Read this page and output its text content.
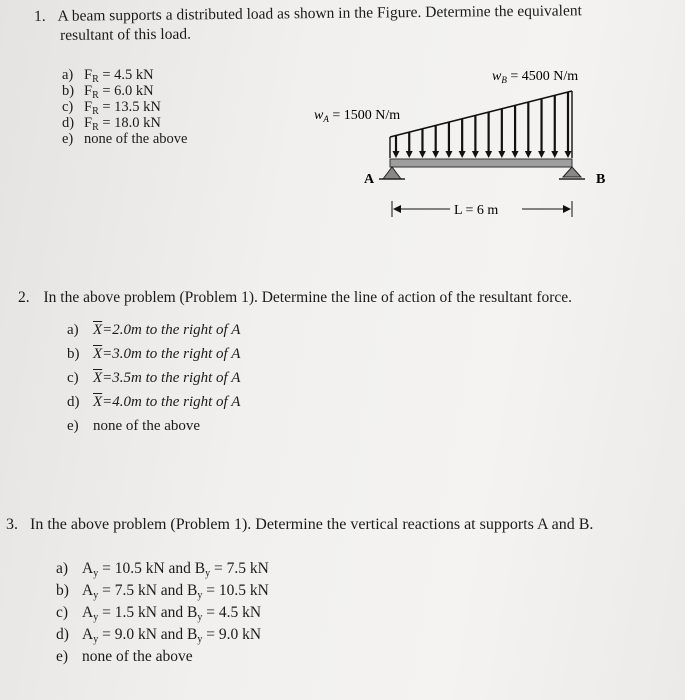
1. A beam supports a distributed load as shown in the Figure. Determine the equivalent
resultant of this load.
a) $F_R = 4.5$ kN
b) $F_R = 6.0$ kN
c) $F_R = 13.5$ kN
d) $F_R = 18.0$ kN
e) none of the above
$w_B = 4500$ N/m
$w_A = 1500$ N/m
A	B
L = 6 m
2. In the above problem (Problem 1). Determine the line of action of the resultant force.
a) $\overline{X}=2.0m$ to the right of A
b) $\overline{X}=3.0m$ to the right of A
c) $\overline{X}=3.5m$ to the right of A
d) $\overline{X}=4.0m$ to the right of A
e) none of the above
3. In the above problem (Problem 1). Determine the vertical reactions at supports A and B.
a) $A_y = 10.5$ kN and $B_y = 7.5$ kN
b) $A_y = 7.5$ kN and $B_y = 10.5$ kN
c) $A_y = 1.5$ kN and $B_y = 4.5$ kN
d) $A_y = 9.0$ kN and $B_y = 9.0$ kN
e) none of the above
